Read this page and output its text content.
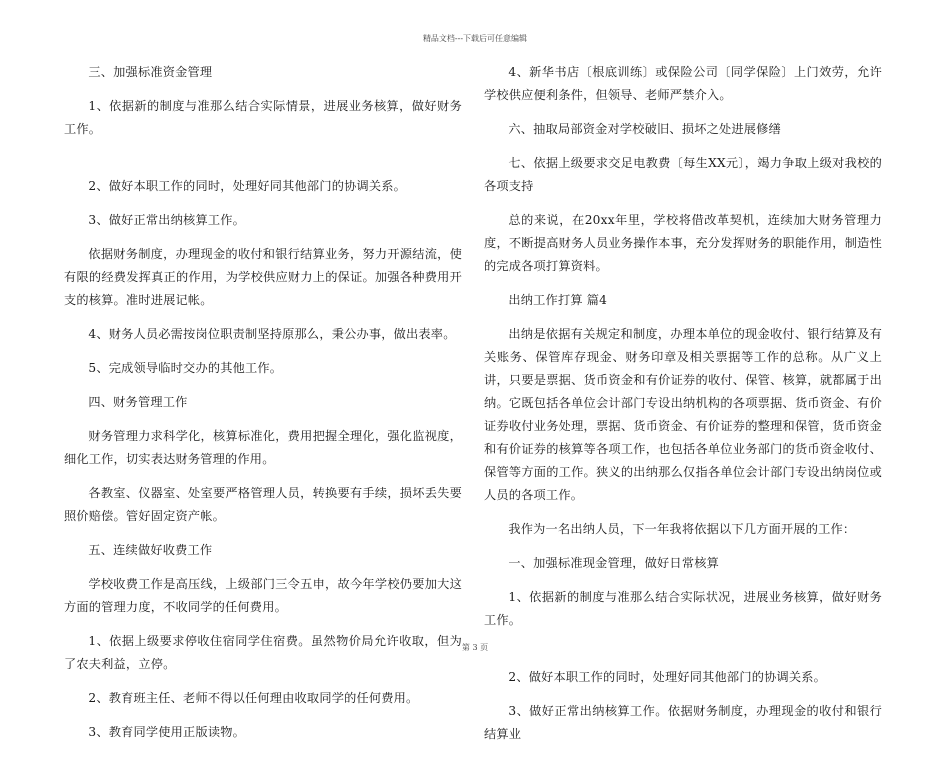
精品文档---下载后可任意编辑

三、加强标准资金管理

1、依据新的制度与准那么结合实际情景，进展业务核算，做好财务工作。

2、做好本职工作的同时，处理好同其他部门的协调关系。

3、做好正常出纳核算工作。

依据财务制度，办理现金的收付和银行结算业务，努力开源结流，使有限的经费发挥真正的作用，为学校供应财力上的保证。加强各种费用开支的核算。准时进展记帐。

4、财务人员必需按岗位职责制坚持原那么，秉公办事，做出表率。

5、完成领导临时交办的其他工作。

四、财务管理工作

财务管理力求科学化，核算标准化，费用把握全理化，强化监视度，细化工作，切实表达财务管理的作用。

各教室、仪器室、处室要严格管理人员，转换要有手续，损坏丢失要照价赔偿。管好固定资产帐。

五、连续做好收费工作

学校收费工作是高压线，上级部门三令五申，故今年学校仍要加大这方面的管理力度，不收同学的任何费用。

1、依据上级要求停收住宿同学住宿费。虽然物价局允许收取，但为了农夫利益，立停。

2、教育班主任、老师不得以任何理由收取同学的任何费用。

3、教育同学使用正版读物。

4、新华书店〔根底训练〕或保险公司〔同学保险〕上门效劳，允许学校供应便利条件，但领导、老师严禁介入。

六、抽取局部资金对学校破旧、损坏之处进展修缮

七、依据上级要求交足电教费〔每生XX元〕，竭力争取上级对我校的各项支持

总的来说，在20xx年里，学校将借改革契机，连续加大财务管理力度，不断提高财务人员业务操作本事，充分发挥财务的职能作用，制造性的完成各项打算资料。

出纳工作打算 篇4

出纳是依据有关规定和制度，办理本单位的现金收付、银行结算及有关账务、保管库存现金、财务印章及相关票据等工作的总称。从广义上讲，只要是票据、货币资金和有价证券的收付、保管、核算，就都属于出纳。它既包括各单位会计部门专设出纳机构的各项票据、货币资金、有价证券收付业务处理，票据、货币资金、有价证券的整理和保管，货币资金和有价证券的核算等各项工作，也包括各单位业务部门的货币资金收付、保管等方面的工作。狭义的出纳那么仅指各单位会计部门专设出纳岗位或人员的各项工作。

我作为一名出纳人员，下一年我将依据以下几方面开展的工作：

一、加强标准现金管理，做好日常核算

1、依据新的制度与准那么结合实际状况，进展业务核算，做好财务工作。

2、做好本职工作的同时，处理好同其他部门的协调关系。

3、做好正常出纳核算工作。依据财务制度，办理现金的收付和银行结算业

第 3 页
